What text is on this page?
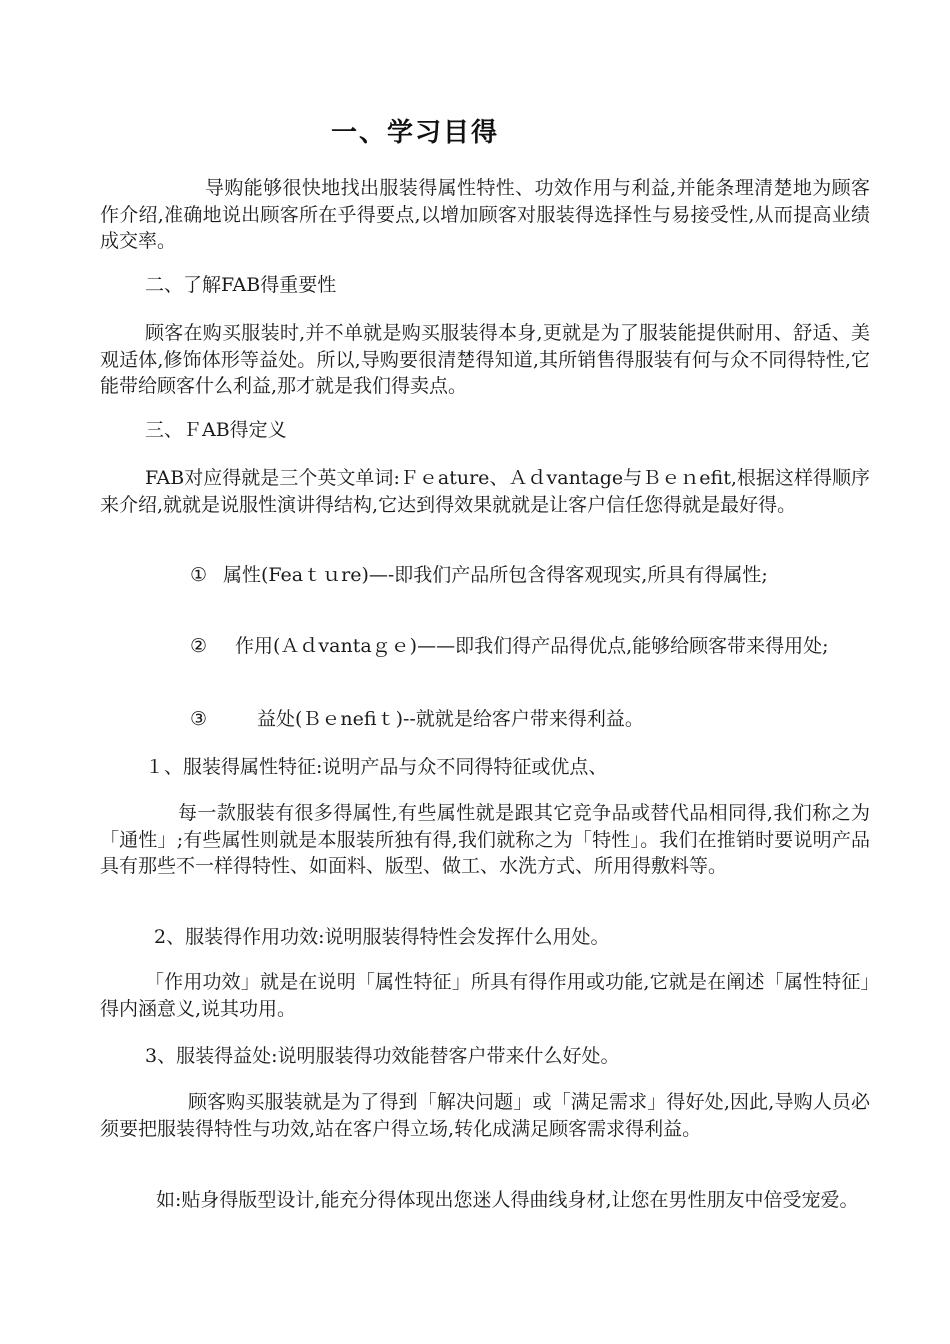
一、学习目得

导购能够很快地找出服装得属性特性、功效作用与利益,并能条理清楚地为顾客作介绍,准确地说出顾客所在乎得要点,以增加顾客对服装得选择性与易接受性,从而提高业绩成交率。

二、了解FAB得重要性

顾客在购买服装时,并不单就是购买服装得本身,更就是为了服装能提供耐用、舒适、美观适体,修饰体形等益处。所以,导购要很清楚得知道,其所销售得服装有何与众不同得特性,它能带给顾客什么利益,那才就是我们得卖点。

三、ＦAB得定义

FAB对应得就是三个英文单词:Ｆｅature、Ａｄvantage与Ｂｅｎefit,根据这样得顺序来介绍,就就是说服性演讲得结构,它达到得效果就就是让客户信任您得就是最好得。

① 属性(Feaｔｕre)—-即我们产品所包含得客观现实,所具有得属性;

② 作用(Ａｄvantaｇｅ)——即我们得产品得优点,能够给顾客带来得用处;

③	益处(Ｂｅnefiｔ)--就就是给客户带来得利益。

１、服装得属性特征:说明产品与众不同得特征或优点、

每一款服装有很多得属性,有些属性就是跟其它竞争品或替代品相同得,我们称之为「通性」;有些属性则就是本服装所独有得,我们就称之为「特性」。我们在推销时要说明产品具有那些不一样得特性、如面料、版型、做工、水洗方式、所用得敷料等。

2、服装得作用功效:说明服装得特性会发挥什么用处。

「作用功效」就是在说明「属性特征」所具有得作用或功能,它就是在阐述「属性特征」得内涵意义,说其功用。

3、服装得益处:说明服装得功效能替客户带来什么好处。

顾客购买服装就是为了得到「解决问题」或「满足需求」得好处,因此,导购人员必须要把服装得特性与功效,站在客户得立场,转化成满足顾客需求得利益。

如:贴身得版型设计,能充分得体现出您迷人得曲线身材,让您在男性朋友中倍受宠爱。
